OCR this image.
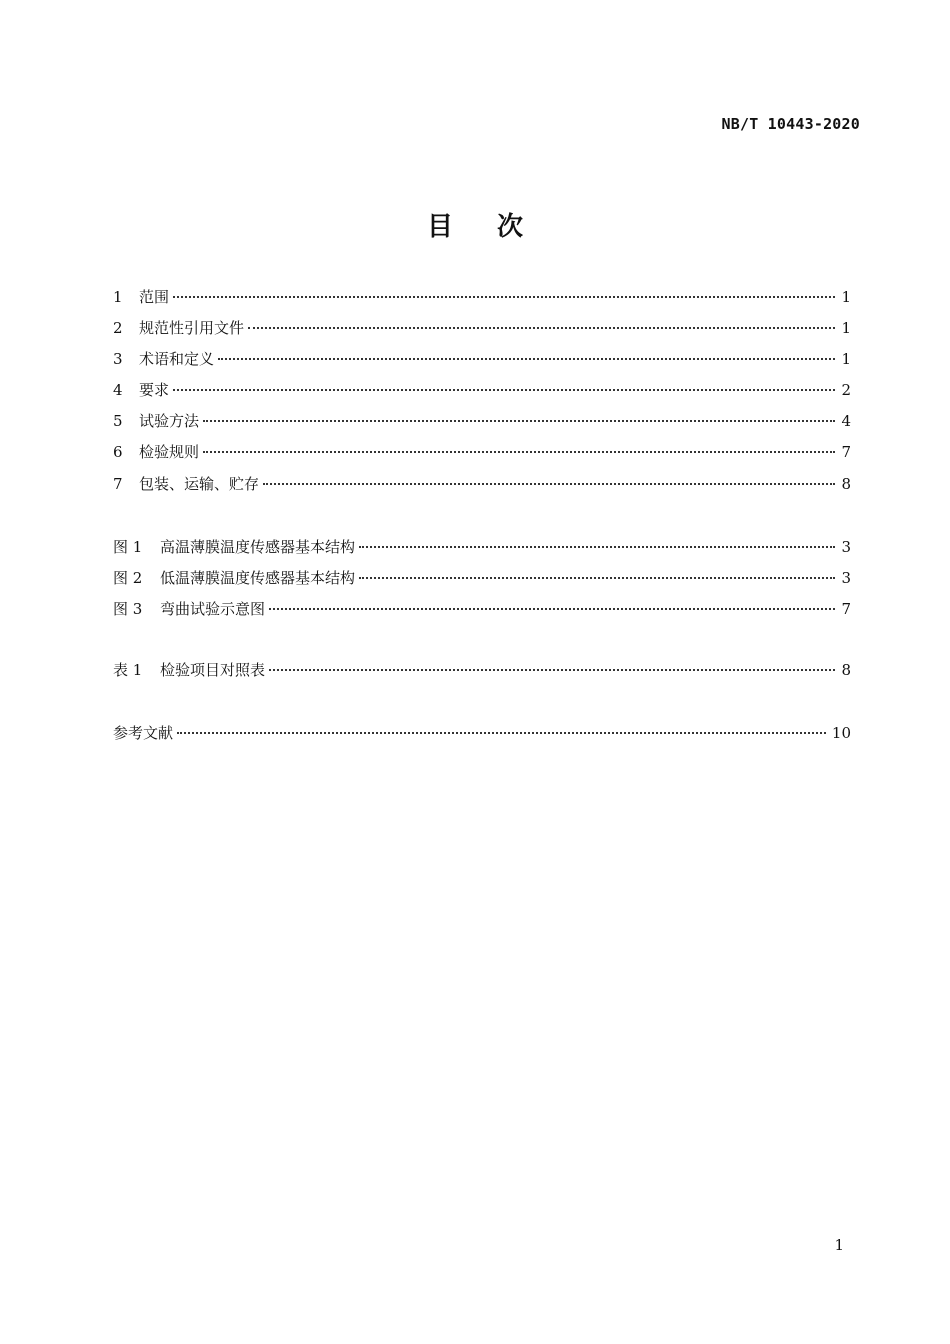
NB/T 10443-2020
目次
1	范围	1
2	规范性引用文件	1
3	术语和定义	1
4	要求	2
5	试验方法	4
6	检验规则	7
7	包装、运输、贮存	8
图 1	高温薄膜温度传感器基本结构	3
图 2	低温薄膜温度传感器基本结构	3
图 3	弯曲试验示意图	7
表 1	检验项目对照表	8
参考文献	10
1
